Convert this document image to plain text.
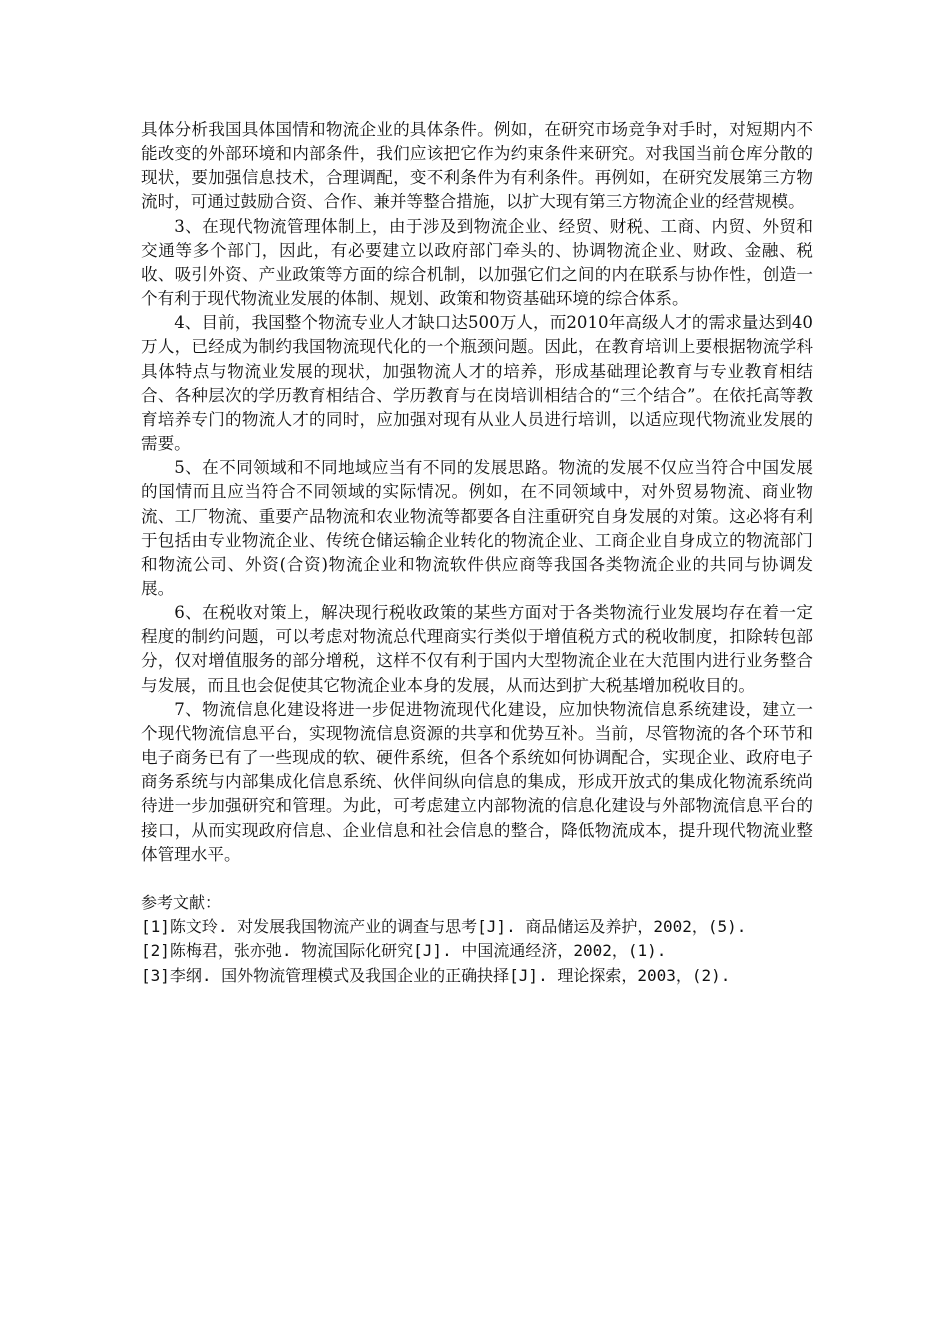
具体分析我国具体国情和物流企业的具体条件。例如，在研究市场竞争对手时，对短期内不能改变的外部环境和内部条件，我们应该把它作为约束条件来研究。对我国当前仓库分散的现状，要加强信息技术，合理调配，变不利条件为有利条件。再例如，在研究发展第三方物流时，可通过鼓励合资、合作、兼并等整合措施，以扩大现有第三方物流企业的经营规模。

3、在现代物流管理体制上，由于涉及到物流企业、经贸、财税、工商、内贸、外贸和交通等多个部门，因此，有必要建立以政府部门牵头的、协调物流企业、财政、金融、税收、吸引外资、产业政策等方面的综合机制，以加强它们之间的内在联系与协作性，创造一个有利于现代物流业发展的体制、规划、政策和物资基础环境的综合体系。

4、目前，我国整个物流专业人才缺口达500万人，而2010年高级人才的需求量达到40万人，已经成为制约我国物流现代化的一个瓶颈问题。因此，在教育培训上要根据物流学科具体特点与物流业发展的现状，加强物流人才的培养，形成基础理论教育与专业教育相结合、各种层次的学历教育相结合、学历教育与在岗培训相结合的“三个结合”。在依托高等教育培养专门的物流人才的同时，应加强对现有从业人员进行培训，以适应现代物流业发展的需要。

5、在不同领域和不同地域应当有不同的发展思路。物流的发展不仅应当符合中国发展的国情而且应当符合不同领域的实际情况。例如，在不同领域中，对外贸易物流、商业物流、工厂物流、重要产品物流和农业物流等都要各自注重研究自身发展的对策。这必将有利于包括由专业物流企业、传统仓储运输企业转化的物流企业、工商企业自身成立的物流部门和物流公司、外资(合资)物流企业和物流软件供应商等我国各类物流企业的共同与协调发展。

6、在税收对策上，解决现行税收政策的某些方面对于各类物流行业发展均存在着一定程度的制约问题，可以考虑对物流总代理商实行类似于增值税方式的税收制度，扣除转包部分，仅对增值服务的部分增税，这样不仅有利于国内大型物流企业在大范围内进行业务整合与发展，而且也会促使其它物流企业本身的发展，从而达到扩大税基增加税收目的。

7、物流信息化建设将进一步促进物流现代化建设，应加快物流信息系统建设，建立一个现代物流信息平台，实现物流信息资源的共享和优势互补。当前，尽管物流的各个环节和电子商务已有了一些现成的软、硬件系统，但各个系统如何协调配合，实现企业、政府电子商务系统与内部集成化信息系统、伙伴间纵向信息的集成，形成开放式的集成化物流系统尚待进一步加强研究和管理。为此，可考虑建立内部物流的信息化建设与外部物流信息平台的接口，从而实现政府信息、企业信息和社会信息的整合，降低物流成本，提升现代物流业整体管理水平。

参考文献：

[1]陈文玲. 对发展我国物流产业的调查与思考[J]. 商品储运及养护，2002，(5).

[2]陈梅君，张亦弛. 物流国际化研究[J]. 中国流通经济，2002，(1).

[3]李纲. 国外物流管理模式及我国企业的正确抉择[J]. 理论探索，2003，(2).
